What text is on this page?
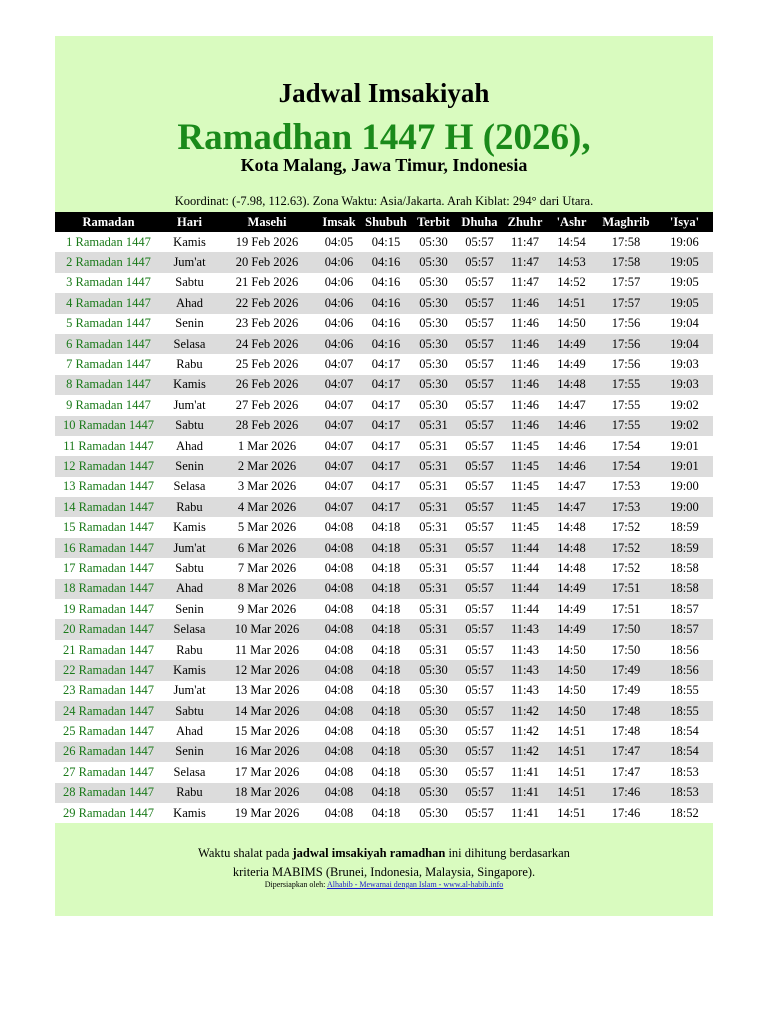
Jadwal Imsakiyah
Ramadhan 1447 H (2026),
Kota Malang, Jawa Timur, Indonesia
Koordinat: (-7.98, 112.63). Zona Waktu: Asia/Jakarta. Arah Kiblat: 294° dari Utara.
Ramadan	Hari	Masehi	Imsak	Shubuh	Terbit	Dhuha	Zhuhr	'Ashr	Maghrib	'Isya'
1 Ramadan 1447	Kamis	19 Feb 2026	04:05	04:15	05:30	05:57	11:47	14:54	17:58	19:06
2 Ramadan 1447	Jum'at	20 Feb 2026	04:06	04:16	05:30	05:57	11:47	14:53	17:58	19:05
3 Ramadan 1447	Sabtu	21 Feb 2026	04:06	04:16	05:30	05:57	11:47	14:52	17:57	19:05
4 Ramadan 1447	Ahad	22 Feb 2026	04:06	04:16	05:30	05:57	11:46	14:51	17:57	19:05
5 Ramadan 1447	Senin	23 Feb 2026	04:06	04:16	05:30	05:57	11:46	14:50	17:56	19:04
6 Ramadan 1447	Selasa	24 Feb 2026	04:06	04:16	05:30	05:57	11:46	14:49	17:56	19:04
7 Ramadan 1447	Rabu	25 Feb 2026	04:07	04:17	05:30	05:57	11:46	14:49	17:56	19:03
8 Ramadan 1447	Kamis	26 Feb 2026	04:07	04:17	05:30	05:57	11:46	14:48	17:55	19:03
9 Ramadan 1447	Jum'at	27 Feb 2026	04:07	04:17	05:30	05:57	11:46	14:47	17:55	19:02
10 Ramadan 1447	Sabtu	28 Feb 2026	04:07	04:17	05:31	05:57	11:46	14:46	17:55	19:02
11 Ramadan 1447	Ahad	1 Mar 2026	04:07	04:17	05:31	05:57	11:45	14:46	17:54	19:01
12 Ramadan 1447	Senin	2 Mar 2026	04:07	04:17	05:31	05:57	11:45	14:46	17:54	19:01
13 Ramadan 1447	Selasa	3 Mar 2026	04:07	04:17	05:31	05:57	11:45	14:47	17:53	19:00
14 Ramadan 1447	Rabu	4 Mar 2026	04:07	04:17	05:31	05:57	11:45	14:47	17:53	19:00
15 Ramadan 1447	Kamis	5 Mar 2026	04:08	04:18	05:31	05:57	11:45	14:48	17:52	18:59
16 Ramadan 1447	Jum'at	6 Mar 2026	04:08	04:18	05:31	05:57	11:44	14:48	17:52	18:59
17 Ramadan 1447	Sabtu	7 Mar 2026	04:08	04:18	05:31	05:57	11:44	14:48	17:52	18:58
18 Ramadan 1447	Ahad	8 Mar 2026	04:08	04:18	05:31	05:57	11:44	14:49	17:51	18:58
19 Ramadan 1447	Senin	9 Mar 2026	04:08	04:18	05:31	05:57	11:44	14:49	17:51	18:57
20 Ramadan 1447	Selasa	10 Mar 2026	04:08	04:18	05:31	05:57	11:43	14:49	17:50	18:57
21 Ramadan 1447	Rabu	11 Mar 2026	04:08	04:18	05:31	05:57	11:43	14:50	17:50	18:56
22 Ramadan 1447	Kamis	12 Mar 2026	04:08	04:18	05:30	05:57	11:43	14:50	17:49	18:56
23 Ramadan 1447	Jum'at	13 Mar 2026	04:08	04:18	05:30	05:57	11:43	14:50	17:49	18:55
24 Ramadan 1447	Sabtu	14 Mar 2026	04:08	04:18	05:30	05:57	11:42	14:50	17:48	18:55
25 Ramadan 1447	Ahad	15 Mar 2026	04:08	04:18	05:30	05:57	11:42	14:51	17:48	18:54
26 Ramadan 1447	Senin	16 Mar 2026	04:08	04:18	05:30	05:57	11:42	14:51	17:47	18:54
27 Ramadan 1447	Selasa	17 Mar 2026	04:08	04:18	05:30	05:57	11:41	14:51	17:47	18:53
28 Ramadan 1447	Rabu	18 Mar 2026	04:08	04:18	05:30	05:57	11:41	14:51	17:46	18:53
29 Ramadan 1447	Kamis	19 Mar 2026	04:08	04:18	05:30	05:57	11:41	14:51	17:46	18:52
Waktu shalat pada jadwal imsakiyah ramadhan ini dihitung berdasarkan
kriteria MABIMS (Brunei, Indonesia, Malaysia, Singapore).
Dipersiapkan oleh: Alhabib - Mewarnai dengan Islam - www.al-habib.info
